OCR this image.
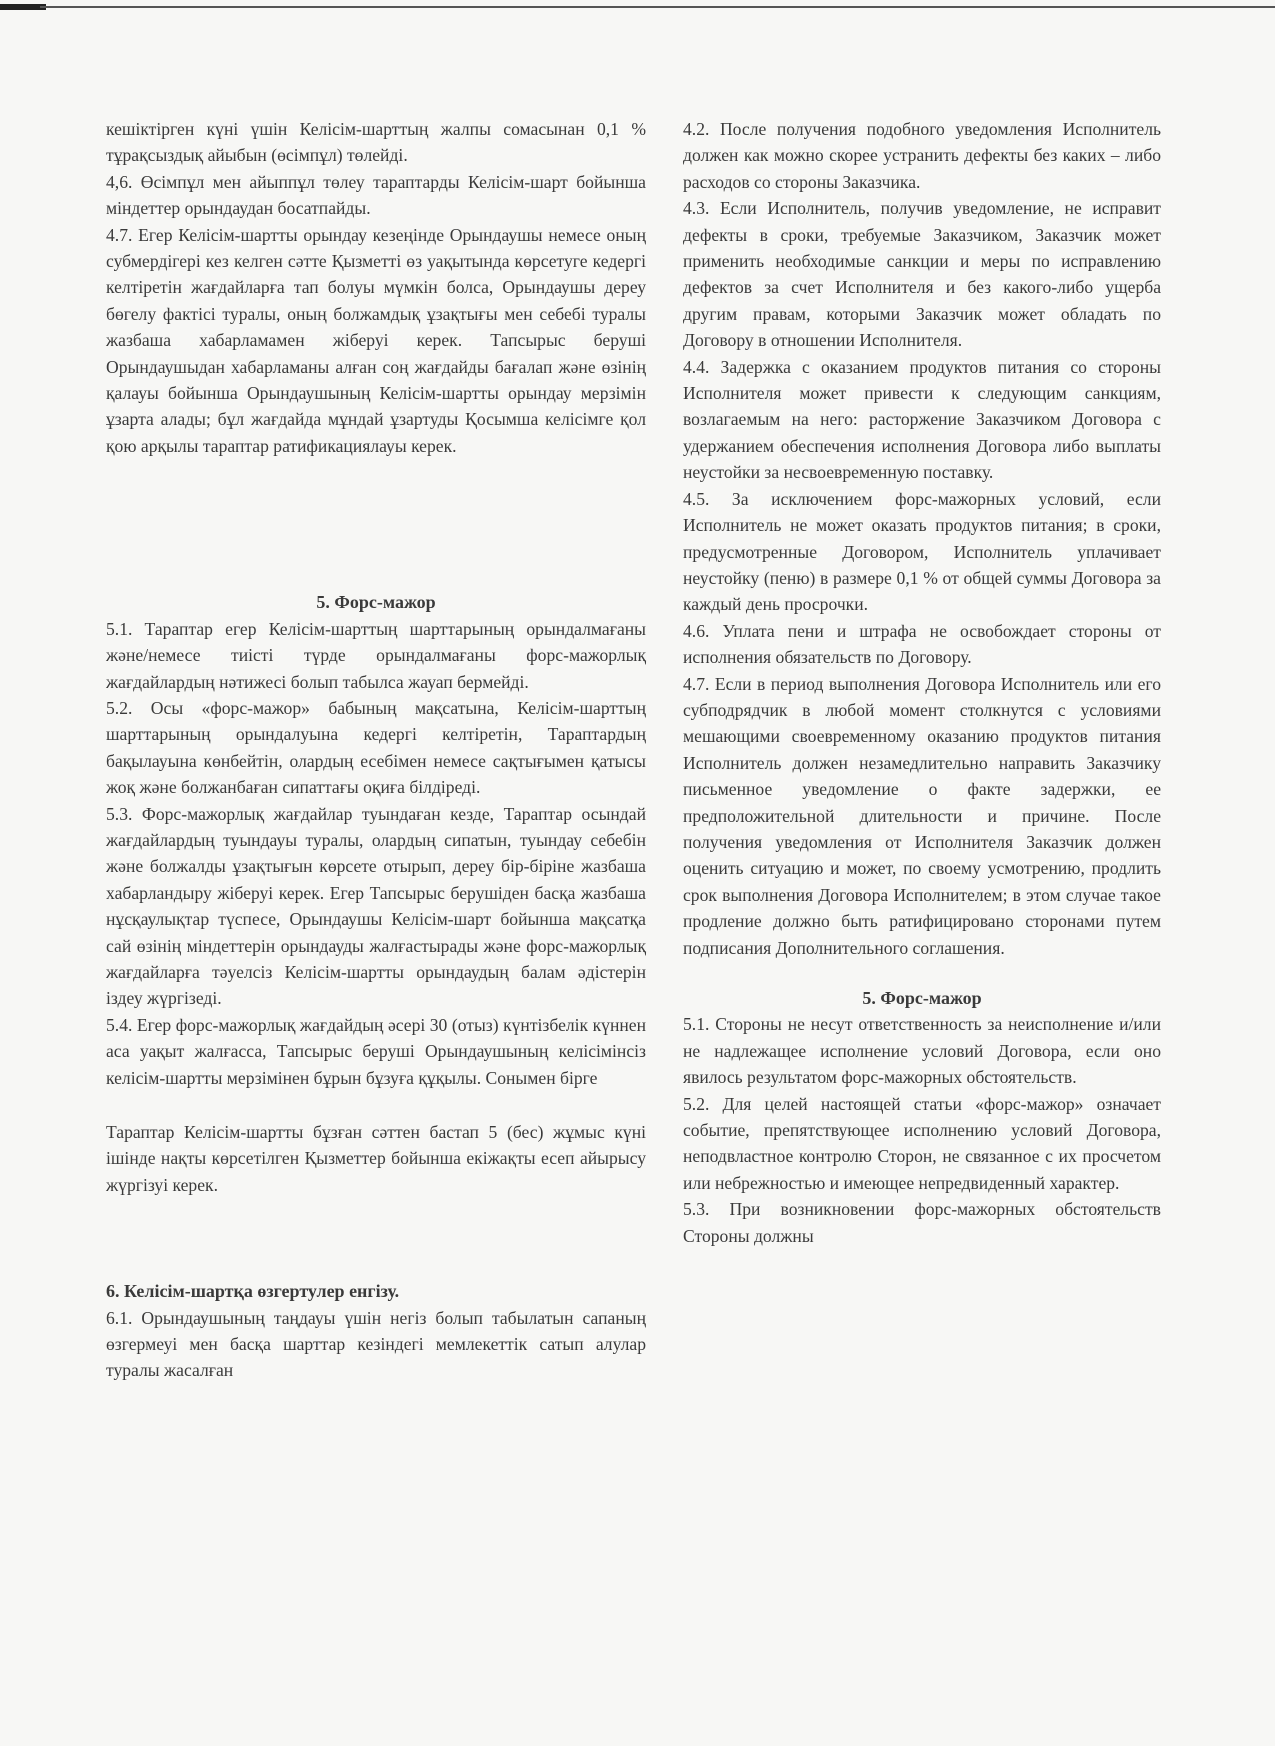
кешіктірген күні үшін Келісім-шарттың жалпы сомасынан 0,1 % тұрақсыздық айыбын (өсімпұл) төлейді.

4,6. Өсімпұл мен айыппұл төлеу тараптарды Келісім-шарт бойынша міндеттер орындаудан босатпайды.

4.7. Егер Келісім-шартты орындау кезеңінде Орындаушы немесе оның субмердігері кез келген сәтте Қызметті өз уақытында көрсетуге кедергі келтіретін жағдайларға тап болуы мүмкін болса, Орындаушы дереу бөгелу фактісі туралы, оның болжамдық ұзақтығы мен себебі туралы жазбаша хабарламамен жіберуі керек. Тапсырыс беруші Орындаушыдан хабарламаны алған соң жағдайды бағалап және өзінің қалауы бойынша Орындаушының Келісім-шартты орындау мерзімін ұзарта алады; бұл жағдайда мұндай ұзартуды Қосымша келісімге қол қою арқылы тараптар ратификациялауы керек.

5. Форс-мажор

5.1. Тараптар егер Келісім-шарттың шарттарының орындалмағаны және/немесе тиісті түрде орындалмағаны форс-мажорлық жағдайлардың нәтижесі болып табылса жауап бермейді.

5.2. Осы «форс-мажор» бабының мақсатына, Келісім-шарттың шарттарының орындалуына кедергі келтіретін, Тараптардың бақылауына көнбейтін, олардың есебімен немесе сақтығымен қатысы жоқ және болжанбаған сипаттағы оқиға білдіреді.

5.3. Форс-мажорлық жағдайлар туындаған кезде, Тараптар осындай жағдайлардың туындауы туралы, олардың сипатын, туындау себебін және болжалды ұзақтығын көрсете отырып, дереу бір-біріне жазбаша хабарландыру жіберуі керек. Егер Тапсырыс берушіден басқа жазбаша нұсқаулықтар түспесе, Орындаушы Келісім-шарт бойынша мақсатқа сай өзінің міндеттерін орындауды жалғастырады және форс-мажорлық жағдайларға тәуелсіз Келісім-шартты орындаудың балам әдістерін іздеу жүргізеді.

5.4. Егер форс-мажорлық жағдайдың әсері 30 (отыз) күнтізбелік күннен аса уақыт жалғасса, Тапсырыс беруші Орындаушының келісімінсіз келісім-шартты мерзімінен бұрын бұзуға құқылы. Сонымен бірге

Тараптар Келісім-шартты бұзған сәттен бастап 5 (бес) жұмыс күні ішінде нақты көрсетілген Қызметтер бойынша екіжақты есеп айырысу жүргізуі керек.

6. Келісім-шартқа өзгертулер енгізу.

6.1. Орындаушының таңдауы үшін негіз болып табылатын сапаның өзгермеуі мен басқа шарттар кезіндегі мемлекеттік сатып алулар туралы жасалған

4.2. После получения подобного уведомления Исполнитель должен как можно скорее устранить дефекты без каких – либо расходов со стороны Заказчика.

4.3. Если Исполнитель, получив уведомление, не исправит дефекты в сроки, требуемые Заказчиком, Заказчик может применить необходимые санкции и меры по исправлению дефектов за счет Исполнителя и без какого-либо ущерба другим правам, которыми Заказчик может обладать по Договору в отношении Исполнителя.

4.4. Задержка с оказанием продуктов питания со стороны Исполнителя может привести к следующим санкциям, возлагаемым на него: расторжение Заказчиком Договора с удержанием обеспечения исполнения Договора либо выплаты неустойки за несвоевременную поставку.

4.5. За исключением форс-мажорных условий, если Исполнитель не может оказать продуктов питания; в сроки, предусмотренные Договором, Исполнитель уплачивает неустойку (пеню) в размере 0,1 % от общей суммы Договора за каждый день просрочки.

4.6. Уплата пени и штрафа не освобождает стороны от исполнения обязательств по Договору.

4.7. Если в период выполнения Договора Исполнитель или его субподрядчик в любой момент столкнутся с условиями мешающими своевременному оказанию продуктов питания Исполнитель должен незамедлительно направить Заказчику письменное уведомление о факте задержки, ее предположительной длительности и причине. После получения уведомления от Исполнителя Заказчик должен оценить ситуацию и может, по своему усмотрению, продлить срок выполнения Договора Исполнителем; в этом случае такое продление должно быть ратифицировано сторонами путем подписания Дополнительного соглашения.

5. Форс-мажор

5.1. Стороны не несут ответственность за неисполнение и/или не надлежащее исполнение условий Договора, если оно явилось результатом форс-мажорных обстоятельств.

5.2. Для целей настоящей статьи «форс-мажор» означает событие, препятствующее исполнению условий Договора, неподвластное контролю Сторон, не связанное с их просчетом или небрежностью и имеющее непредвиденный характер.

5.3. При возникновении форс-мажорных обстоятельств Стороны должны
